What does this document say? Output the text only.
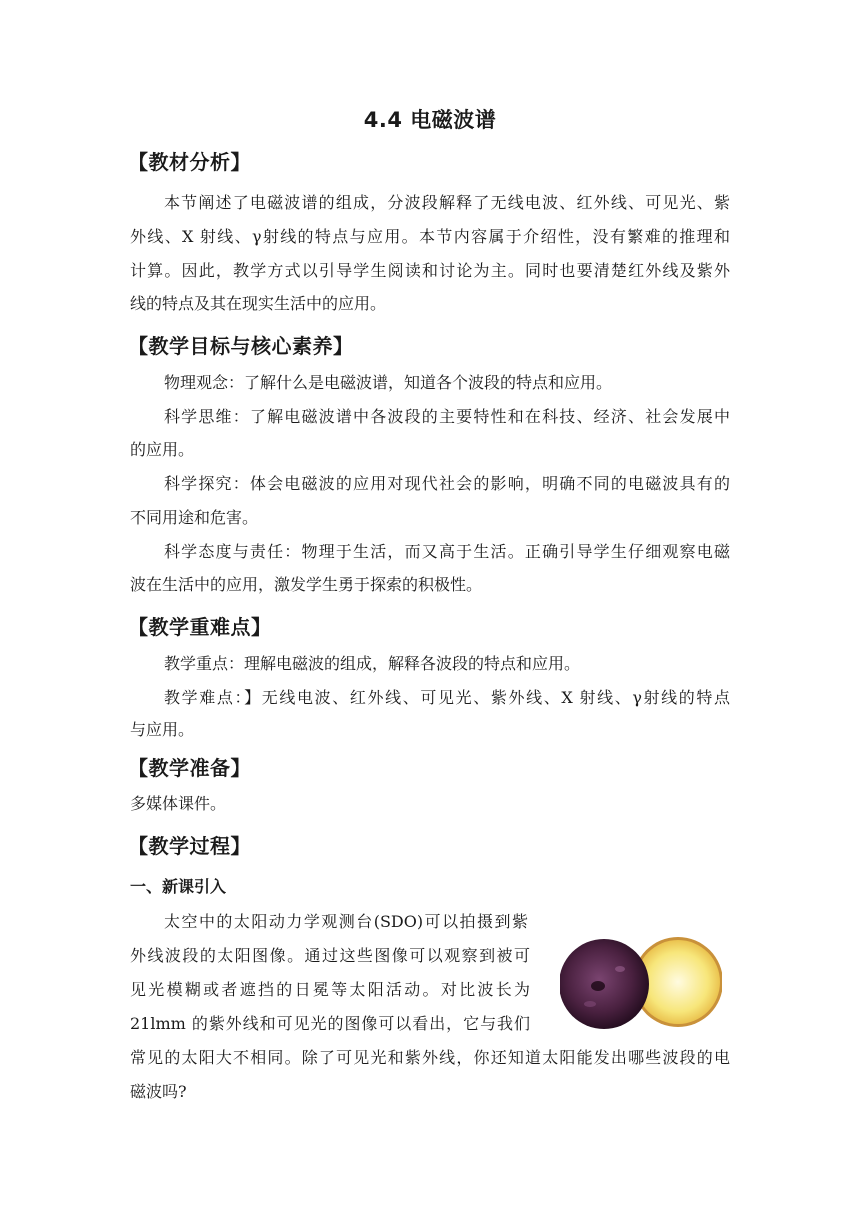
4.4 电磁波谱
【教材分析】
本节阐述了电磁波谱的组成，分波段解释了无线电波、红外线、可见光、紫
外线、X 射线、γ射线的特点与应用。本节内容属于介绍性，没有繁难的推理和
计算。因此，教学方式以引导学生阅读和讨论为主。同时也要清楚红外线及紫外
线的特点及其在现实生活中的应用。
【教学目标与核心素养】
物理观念：了解什么是电磁波谱，知道各个波段的特点和应用。
科学思维：了解电磁波谱中各波段的主要特性和在科技、经济、社会发展中
的应用。
科学探究：体会电磁波的应用对现代社会的影响，明确不同的电磁波具有的
不同用途和危害。
科学态度与责任：物理于生活，而又高于生活。正确引导学生仔细观察电磁
波在生活中的应用，激发学生勇于探索的积极性。
【教学重难点】
教学重点：理解电磁波的组成，解释各波段的特点和应用。
教学难点：】无线电波、红外线、可见光、紫外线、X 射线、γ射线的特点
与应用。
【教学准备】
多媒体课件。
【教学过程】
一、新课引入
太空中的太阳动力学观测台(SDO)可以拍摄到紫
外线波段的太阳图像。通过这些图像可以观察到被可
见光模糊或者遮挡的日冕等太阳活动。对比波长为
21lmm 的紫外线和可见光的图像可以看出，它与我们
常见的太阳大不相同。除了可见光和紫外线，你还知道太阳能发出哪些波段的电
磁波吗?
